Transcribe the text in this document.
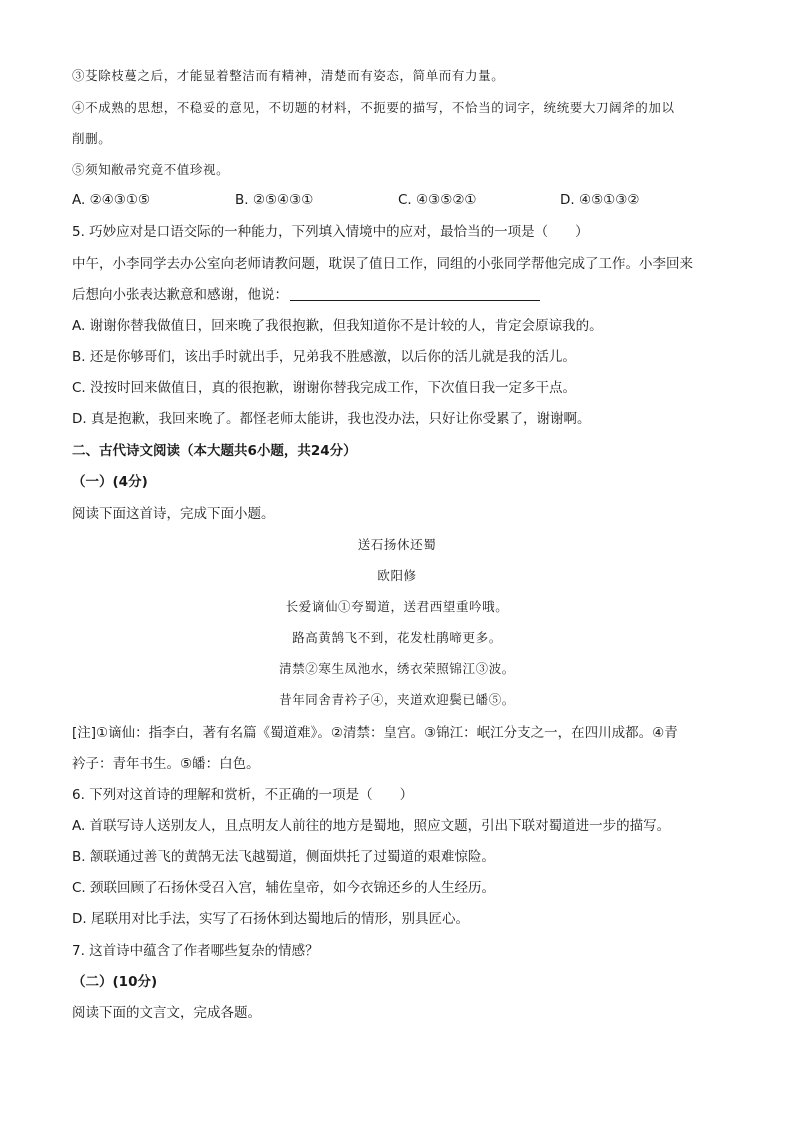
③芟除枝蔓之后，才能显着整洁而有精神，清楚而有姿态，简单而有力量。
④不成熟的思想，不稳妥的意见，不切题的材料，不扼要的描写，不恰当的词字，统统要大刀阔斧的加以
削删。
⑤须知敝帚究竟不值珍视。
A. ②④③①⑤	B. ②⑤④③①	C. ④③⑤②①	D. ④⑤①③②
5. 巧妙应对是口语交际的一种能力，下列填入情境中的应对，最恰当的一项是（　　）
中午，小李同学去办公室向老师请教问题，耽误了值日工作，同组的小张同学帮他完成了工作。小李回来
后想向小张表达歉意和感谢，他说：
A. 谢谢你替我做值日，回来晚了我很抱歉，但我知道你不是计较的人，肯定会原谅我的。
B. 还是你够哥们，该出手时就出手，兄弟我不胜感激，以后你的活儿就是我的活儿。
C. 没按时回来做值日，真的很抱歉，谢谢你替我完成工作，下次值日我一定多干点。
D. 真是抱歉，我回来晚了。都怪老师太能讲，我也没办法，只好让你受累了，谢谢啊。
二、古代诗文阅读（本大题共6小题，共24分）
（一）(4分)
阅读下面这首诗，完成下面小题。
送石扬休还蜀
欧阳修
长爱谪仙①夸蜀道，送君西望重吟哦。
路高黄鹄飞不到，花发杜鹃啼更多。
清禁②寒生凤池水，绣衣荣照锦江③波。
昔年同舍青衿子④，夹道欢迎鬓已皤⑤。
[注]①谪仙：指李白，著有名篇《蜀道难》。②清禁：皇宫。③锦江：岷江分支之一，在四川成都。④青
衿子：青年书生。⑤皤：白色。
6. 下列对这首诗的理解和赏析，不正确的一项是（　　）
A. 首联写诗人送别友人，且点明友人前往的地方是蜀地，照应文题，引出下联对蜀道进一步的描写。
B. 颔联通过善飞的黄鹄无法飞越蜀道，侧面烘托了过蜀道的艰难惊险。
C. 颈联回顾了石扬休受召入宫，辅佐皇帝，如今衣锦还乡的人生经历。
D. 尾联用对比手法，实写了石扬休到达蜀地后的情形，别具匠心。
7. 这首诗中蕴含了作者哪些复杂的情感？
（二）(10分)
阅读下面的文言文，完成各题。
